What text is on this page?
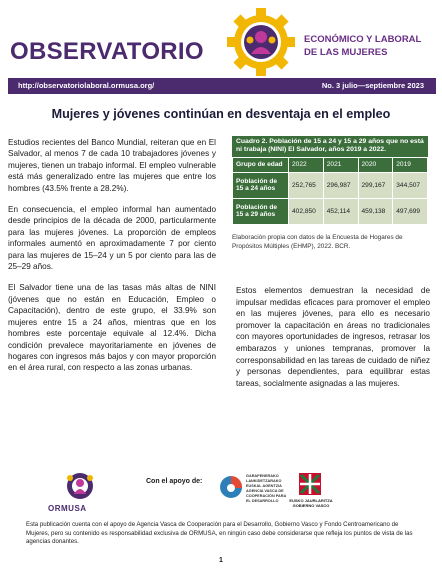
OBSERVATORIO	ECONÓMICO Y LABORAL
DE LAS MUJERES
http://observatoriolaboral.ormusa.org/	No. 3 julio—septiembre 2023
Mujeres y jóvenes continúan en desventaja en el empleo

Estudios recientes del Banco Mundial, reiteran que en El Salvador, al menos 7 de cada 10 trabajadores jóvenes y mujeres, tienen un trabajo informal. El empleo vulnerable está más generalizado entre las mujeres que entre los hombres (43.5% frente a 28.2%).

En consecuencia, el empleo informal han aumentado desde principios de la década de 2000, particularmente para las mujeres jóvenes. La proporción de empleos informales aumentó en aproximadamente 7 por ciento para las mujeres de 15–24 y un 5 por ciento para las de 25–29 años.

El Salvador tiene una de las tasas más altas de NINI (jóvenes que no están en Educación, Empleo o Capacitación), dentro de este grupo, el 33.9% son mujeres entre 15 a 24 años, mientras que en los hombres este porcentaje equivale al 12.4%. Dicha condición prevalece mayoritariamente en jóvenes de hogares con ingresos más bajos y con mayor proporción en el área rural, con respecto a las zonas urbanas.

Cuadro 2. Población de 15 a 24 y 15 a 29 años que no está ni trabaja (NINI) El Salvador, años 2019 a 2022.
Grupo de edad	2022	2021	2020	2019
Población de 15 a 24 años	252,765	296,987	299,167	344,507
Población de 15 a 29 años	402,850	452,114	459,138	497,699
Elaboración propia con datos de la Encuesta de Hogares de Propósitos Múltiples (EHMP), 2022. BCR.

Estos elementos demuestran la necesidad de impulsar medidas eficaces para promover el empleo en las mujeres jóvenes, para ello es necesario promover la capacitación en áreas no tradicionales con mayores oportunidades de ingresos, retrasar los embarazos y uniones tempranas, promover la corresponsabilidad en las tareas de cuidado de niñez y personas dependientes, para equilibrar estas tareas, socialmente asignadas a las mujeres.

ORMUSA
Con el apoyo de:
GARAPENERAKO
LANKIDETZARAKO
EUSKAL AGENTZIA
AGENCIA VASCA DE
COOPERACIÓN PARA
EL DESARROLLO	EUSKO JAURLARITZA
GOBIERNO VASCO
Esta publicación cuenta con el apoyo de Agencia Vasca de Cooperación para el Desarrollo, Gobierno Vasco y Fondo Centroamericano de Mujeres, pero su contenido es responsabilidad exclusiva de ORMUSA, en ningún caso debe considerarse que refleja los puntos de vista de las agencias donantes.
1
